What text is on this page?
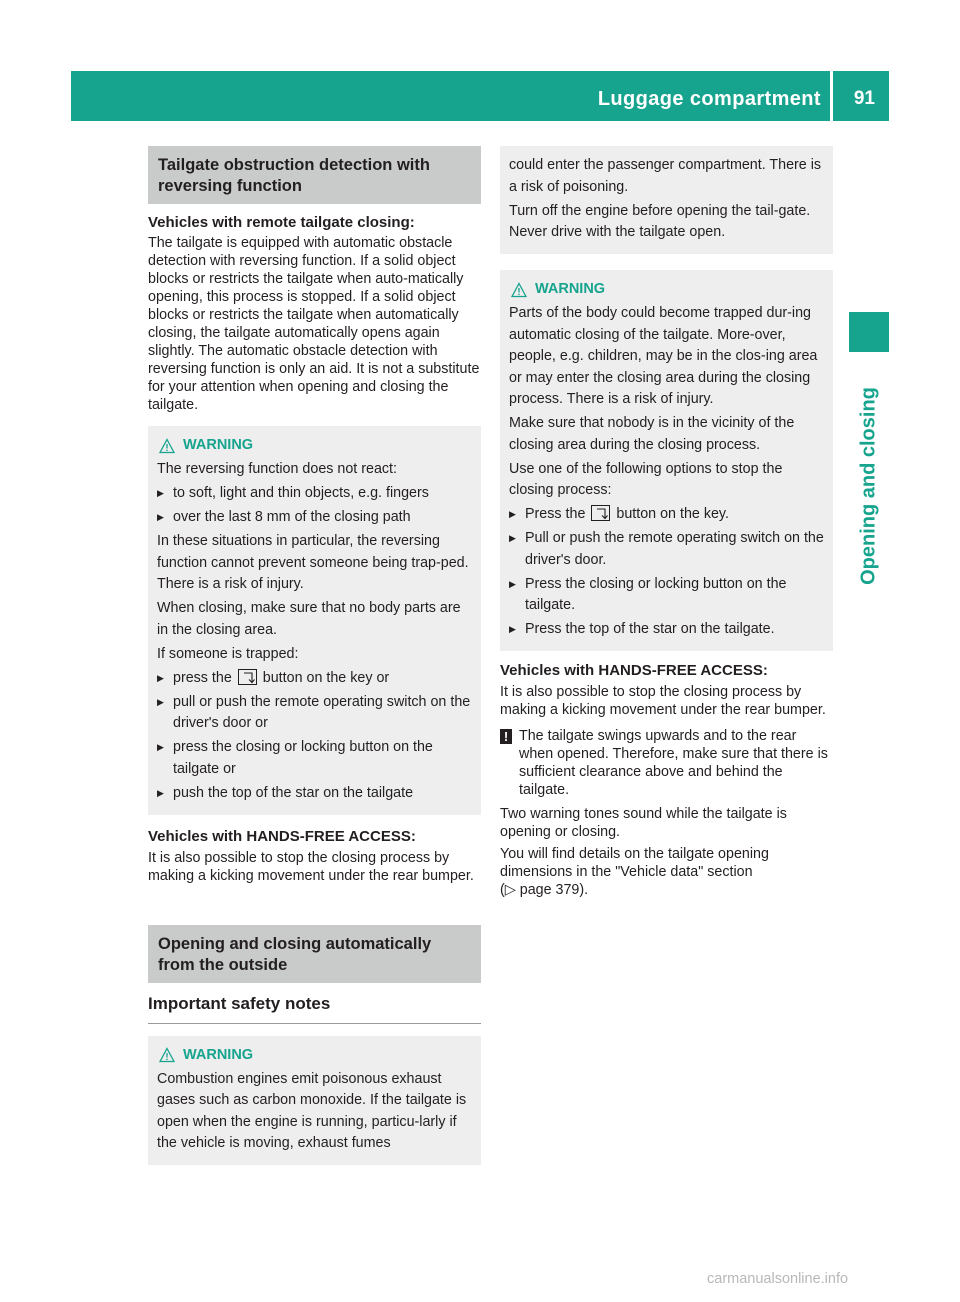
Luggage compartment 91
Opening and closing
Tailgate obstruction detection with reversing function
Vehicles with remote tailgate closing:
The tailgate is equipped with automatic obstacle detection with reversing function. If a solid object blocks or restricts the tailgate when auto-matically opening, this process is stopped. If a solid object blocks or restricts the tailgate when automatically closing, the tailgate automatically opens again slightly. The automatic obstacle detection with reversing function is only an aid. It is not a substitute for your attention when opening and closing the tailgate.
WARNING
The reversing function does not react:
▶ to soft, light and thin objects, e.g. fingers
▶ over the last 8 mm of the closing path
In these situations in particular, the reversing function cannot prevent someone being trap-ped. There is a risk of injury.
When closing, make sure that no body parts are in the closing area.
If someone is trapped:
▶ press the button on the key or
▶ pull or push the remote operating switch on the driver's door or
▶ press the closing or locking button on the tailgate or
▶ push the top of the star on the tailgate
Vehicles with HANDS-FREE ACCESS:
It is also possible to stop the closing process by making a kicking movement under the rear bumper.
Opening and closing automatically from the outside
Important safety notes
WARNING
Combustion engines emit poisonous exhaust gases such as carbon monoxide. If the tailgate is open when the engine is running, particu-larly if the vehicle is moving, exhaust fumes
could enter the passenger compartment. There is a risk of poisoning.
Turn off the engine before opening the tail-gate. Never drive with the tailgate open.
WARNING
Parts of the body could become trapped dur-ing automatic closing of the tailgate. More-over, people, e.g. children, may be in the clos-ing area or may enter the closing area during the closing process. There is a risk of injury.
Make sure that nobody is in the vicinity of the closing area during the closing process.
Use one of the following options to stop the closing process:
▶ Press the button on the key.
▶ Pull or push the remote operating switch on the driver's door.
▶ Press the closing or locking button on the tailgate.
▶ Press the top of the star on the tailgate.
Vehicles with HANDS-FREE ACCESS:
It is also possible to stop the closing process by making a kicking movement under the rear bumper.
! The tailgate swings upwards and to the rear when opened. Therefore, make sure that there is sufficient clearance above and behind the tailgate.
Two warning tones sound while the tailgate is opening or closing.
You will find details on the tailgate opening dimensions in the "Vehicle data" section
(▷ page 379).
carmanualsonline.info
